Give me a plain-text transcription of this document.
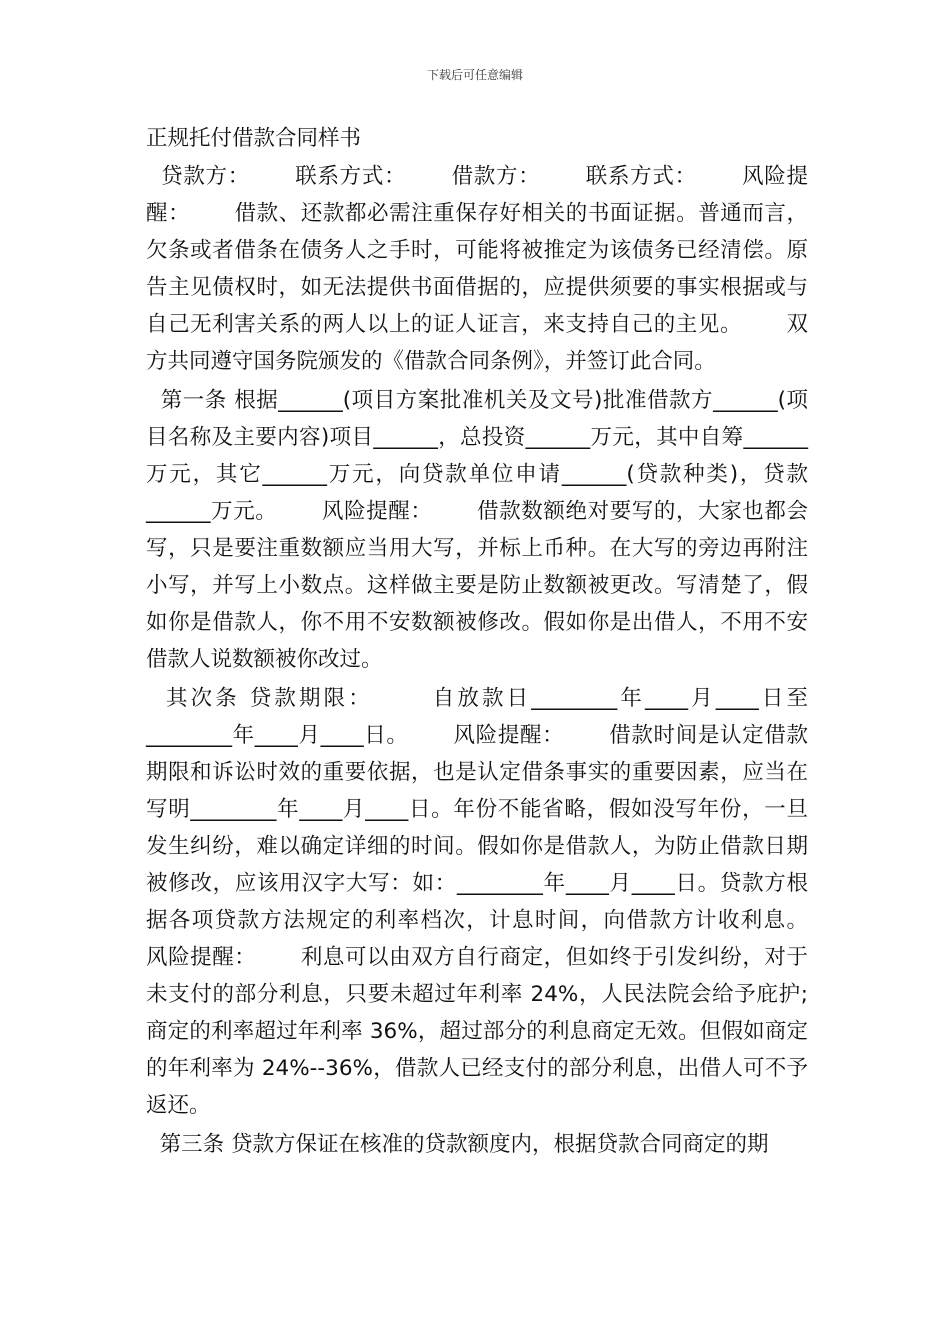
下载后可任意编辑
正规托付借款合同样书

贷款方：      联系方式：      借款方：      联系方式：      风险提醒：      借款、还款都必需注重保存好相关的书面证据。普通而言，欠条或者借条在债务人之手时，可能将被推定为该债务已经清偿。原告主见债权时，如无法提供书面借据的，应提供须要的事实根据或与自己无利害关系的两人以上的证人证言，来支持自己的主见。      双方共同遵守国务院颁发的《借款合同条例》，并签订此合同。

第一条 根据______(项目方案批准机关及文号)批准借款方______(项目名称及主要内容)项目______，总投资______万元，其中自筹______万元，其它______万元，向贷款单位申请______(贷款种类)，贷款______万元。      风险提醒：      借款数额绝对要写的，大家也都会写，只是要注重数额应当用大写，并标上币种。在大写的旁边再附注小写，并写上小数点。这样做主要是防止数额被更改。写清楚了，假如你是借款人，你不用不安数额被修改。假如你是出借人，不用不安借款人说数额被你改过。

其次条 贷款期限：      自放款日________年____月____日至________年____月____日。      风险提醒：      借款时间是认定借款期限和诉讼时效的重要依据，也是认定借条事实的重要因素，应当在写明________年____月____日。年份不能省略，假如没写年份，一旦发生纠纷，难以确定详细的时间。假如你是借款人，为防止借款日期被修改，应该用汉字大写：如：________年____月____日。贷款方根据各项贷款方法规定的利率档次，计息时间，向借款方计收利息。      风险提醒：      利息可以由双方自行商定，但如终于引发纠纷，对于未支付的部分利息，只要未超过年利率 24%，人民法院会给予庇护;商定的利率超过年利率 36%，超过部分的利息商定无效。但假如商定的年利率为 24%--36%，借款人已经支付的部分利息，出借人可不予返还。

第三条 贷款方保证在核准的贷款额度内，根据贷款合同商定的期
